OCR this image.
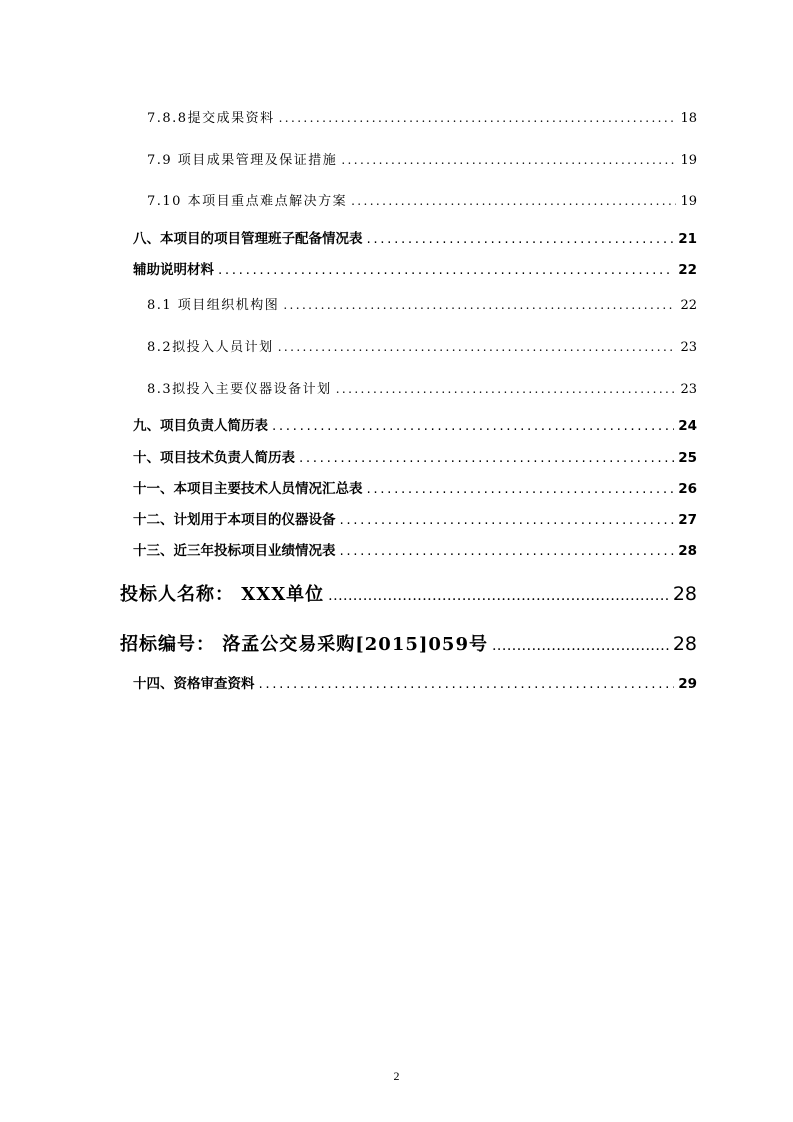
7.8.8提交成果资料 .....	18
7.9 项目成果管理及保证措施 .....	19
7.10 本项目重点难点解决方案 .....	19
八、本项目的项目管理班子配备情况表 .....	21
辅助说明材料 .....	22
8.1 项目组织机构图 .....	22
8.2拟投入人员计划 .....	23
8.3拟投入主要仪器设备计划 .....	23
九、项目负责人简历表 .....	24
十、项目技术负责人简历表 .....	25
十一、本项目主要技术人员情况汇总表 .....	26
十二、计划用于本项目的仪器设备 .....	27
十三、近三年投标项目业绩情况表 .....	28
投标人名称： XXX单位 .....	28
招标编号： 洛孟公交易采购[2015]059号 .....	28
十四、资格审查资料 .....	29
2
